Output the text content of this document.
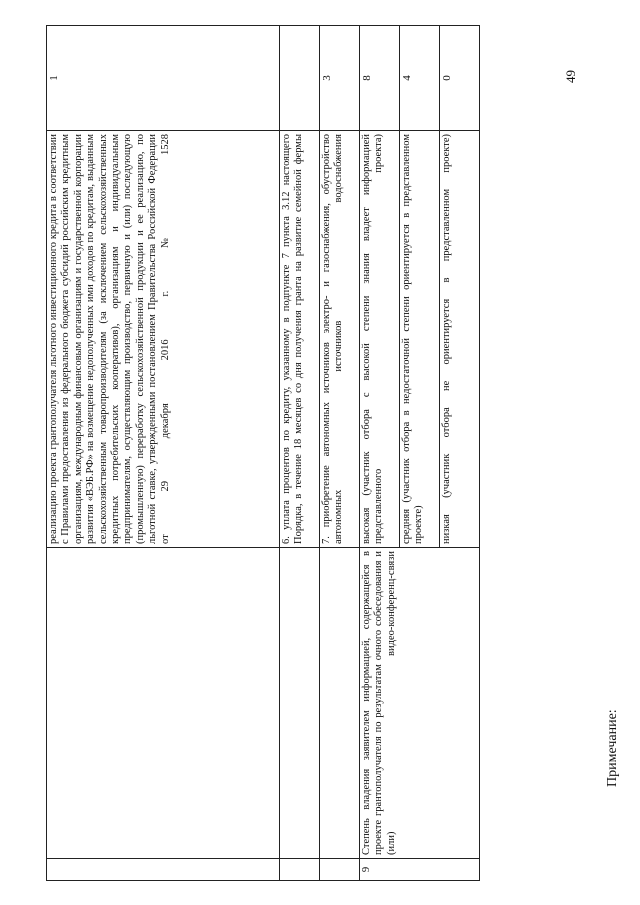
		реализацию проекта грантополучателя льготного инвестиционного кредита в соответствии с Правилами предоставления из федерального бюджета субсидий российским кредитным организациям, международным финансовым организациям и государственной корпорации развития «ВЭБ.РФ» на возмещение недополученных ими доходов по кредитам, выданным сельскохозяйственным товаропроизводителям (за исключением сельскохозяйственных кредитных потребительских кооперативов), организациям и индивидуальным предпринимателям, осуществляющим производство, первичную и (или) последующую (промышленную) переработку сельскохозяйственной продукции и ее реализацию, по льготной ставке, утвержденными постановлением Правительства Российской Федерации от 29 декабря 2016 г. № 1528	1
		6. уплата процентов по кредиту, указанному в подпункте 7 пункта 3.12 настоящего Порядка, в течение 18 месяцев со дня получения гранта на развитие семейной фермы	
		7. приобретение автономных источников электро- и газоснабжения, обустройство автономных источников водоснабжения	3
9	Степень владения заявителем информацией, содержащейся в проекте грантополучателя по результатам очного собеседования и (или) видео-конференц-связи	высокая (участник отбора с высокой степени знания владеет информацией представленного проекта)	8
		средняя (участник отбора в недостаточной степени ориентируется в представленном проекте)	4
		низкая (участник отбора не ориентируется в представленном проекте)	0
Примечание:
49
